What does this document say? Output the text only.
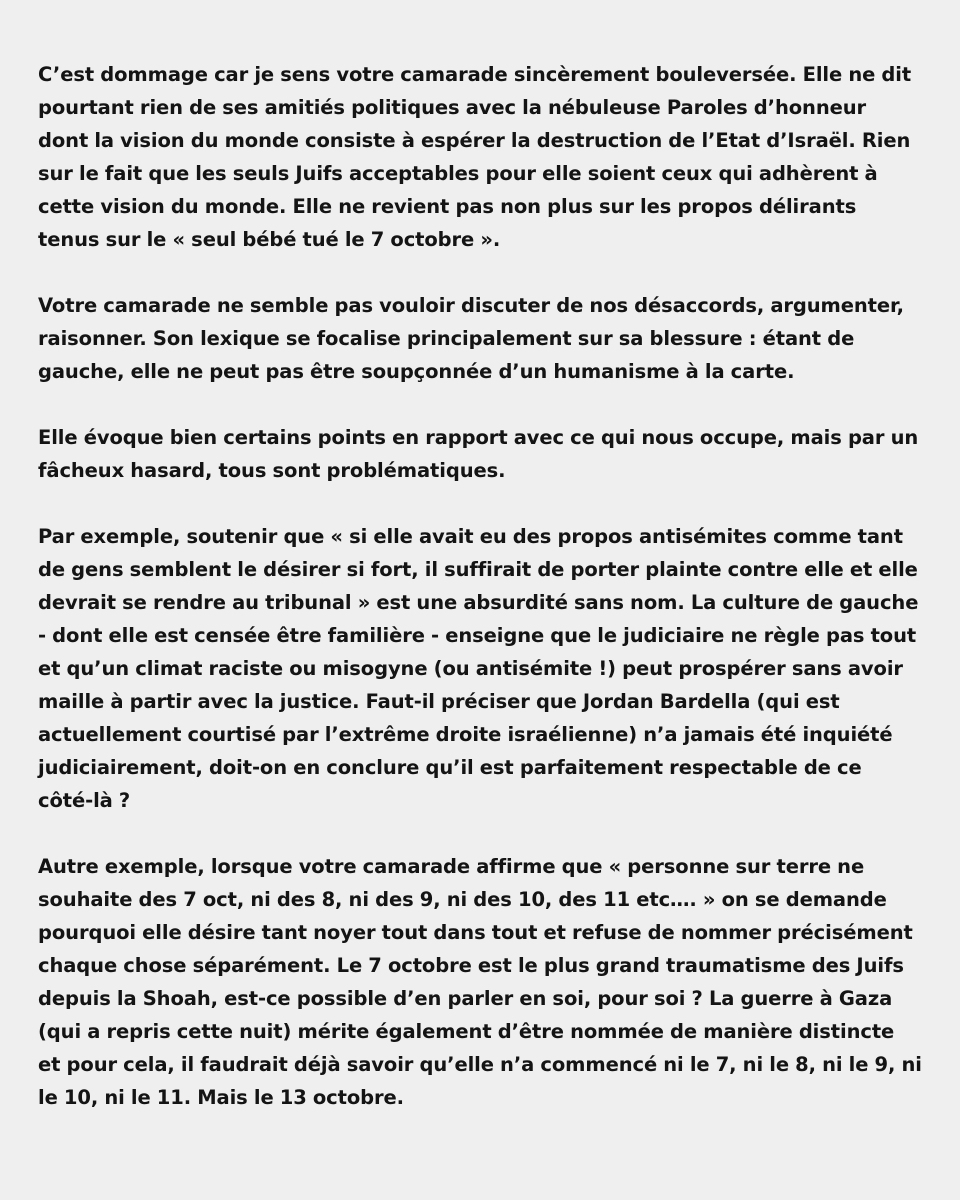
C’est dommage car je sens votre camarade sincèrement bouleversée. Elle ne dit pourtant rien de ses amitiés politiques avec la nébuleuse Paroles d’honneur dont la vision du monde consiste à espérer la destruction de l’Etat d’Israël. Rien sur le fait que les seuls Juifs acceptables pour elle soient ceux qui adhèrent à cette vision du monde. Elle ne revient pas non plus sur les propos délirants tenus sur le « seul bébé tué le 7 octobre ».

Votre camarade ne semble pas vouloir discuter de nos désaccords, argumenter, raisonner. Son lexique se focalise principalement sur sa blessure : étant de gauche, elle ne peut pas être soupçonnée d’un humanisme à la carte.

Elle évoque bien certains points en rapport avec ce qui nous occupe, mais par un fâcheux hasard, tous sont problématiques.

Par exemple, soutenir que « si elle avait eu des propos antisémites comme tant de gens semblent le désirer si fort, il suffirait de porter plainte contre elle et elle devrait se rendre au tribunal » est une absurdité sans nom. La culture de gauche - dont elle est censée être familière - enseigne que le judiciaire ne règle pas tout et qu’un climat raciste ou misogyne (ou antisémite !) peut prospérer sans avoir maille à partir avec la justice. Faut-il préciser que Jordan Bardella (qui est actuellement courtisé par l’extrême droite israélienne) n’a jamais été inquiété judiciairement, doit-on en conclure qu’il est parfaitement respectable de ce côté-là ?

Autre exemple, lorsque votre camarade affirme que « personne sur terre ne souhaite des 7 oct, ni des 8, ni des 9, ni des 10, des 11 etc…. » on se demande pourquoi elle désire tant noyer tout dans tout et refuse de nommer précisément chaque chose séparément. Le 7 octobre est le plus grand traumatisme des Juifs depuis la Shoah, est-ce possible d’en parler en soi, pour soi ? La guerre à Gaza (qui a repris cette nuit) mérite également d’être nommée de manière distincte et pour cela, il faudrait déjà savoir qu’elle n’a commencé ni le 7, ni le 8, ni le 9, ni le 10, ni le 11. Mais le 13 octobre.
